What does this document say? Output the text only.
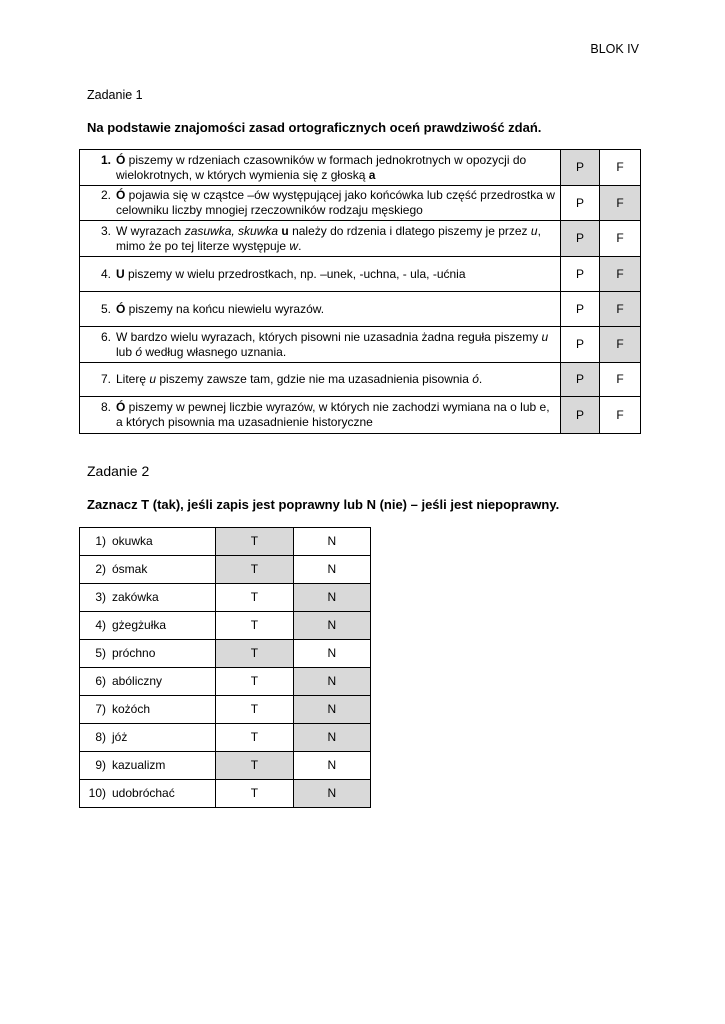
BLOK IV
Zadanie 1
Na podstawie znajomości zasad ortograficznych oceń prawdziwość zdań.
1. Ó piszemy w rdzeniach czasowników w formach jednokrotnych w opozycji do wielokrotnych, w których wymienia się z głoską a	P	F

2. Ó pojawia się w cząstce –ów występującej jako końcówka lub część przedrostka w celowniku liczby mnogiej rzeczowników rodzaju męskiego	P	F

3. W wyrazach zasuwka, skuwka u należy do rdzenia i dlatego piszemy je przez u, mimo że po tej literze występuje w.	P	F

4. U piszemy w wielu przedrostkach, np. –unek, -uchna, - ula, -ućnia	P	F

5. Ó piszemy na końcu niewielu wyrazów.	P	F

6. W bardzo wielu wyrazach, których pisowni nie uzasadnia żadna reguła piszemy u lub ó według własnego uznania.	P	F

7. Literę u piszemy zawsze tam, gdzie nie ma uzasadnienia pisownia ó.	P	F

8. Ó piszemy w pewnej liczbie wyrazów, w których nie zachodzi wymiana na o lub e, a których pisownia ma uzasadnienie historyczne	P	F
Zadanie 2
Zaznacz T (tak), jeśli zapis jest poprawny lub N (nie) – jeśli jest niepoprawny.
1) okuwka	T	N
2) ósmak	T	N
3) zakówka	T	N
4) gżegżułka	T	N
5) próchno	T	N
6) abóliczny	T	N
7) kożóch	T	N
8) jóż	T	N
9) kazualizm	T	N
10) udobróchać	T	N
